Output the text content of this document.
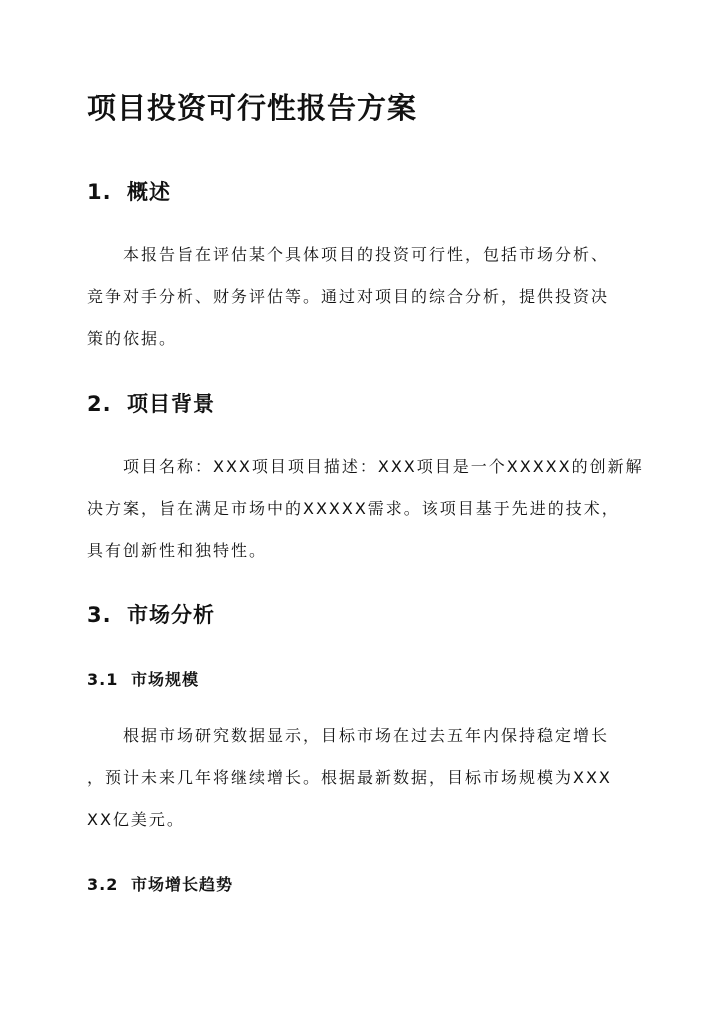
项目投资可行性报告方案
1. 概述
本报告旨在评估某个具体项目的投资可行性，包括市场分析、
竞争对手分析、财务评估等。通过对项目的综合分析，提供投资决
策的依据。
2. 项目背景
项目名称：XXX项目项目描述：XXX项目是一个XXXXX的创新解
决方案，旨在满足市场中的XXXXX需求。该项目基于先进的技术，
具有创新性和独特性。
3. 市场分析
3.1 市场规模
根据市场研究数据显示，目标市场在过去五年内保持稳定增长
，预计未来几年将继续增长。根据最新数据，目标市场规模为XXX
XX亿美元。
3.2 市场增长趋势
